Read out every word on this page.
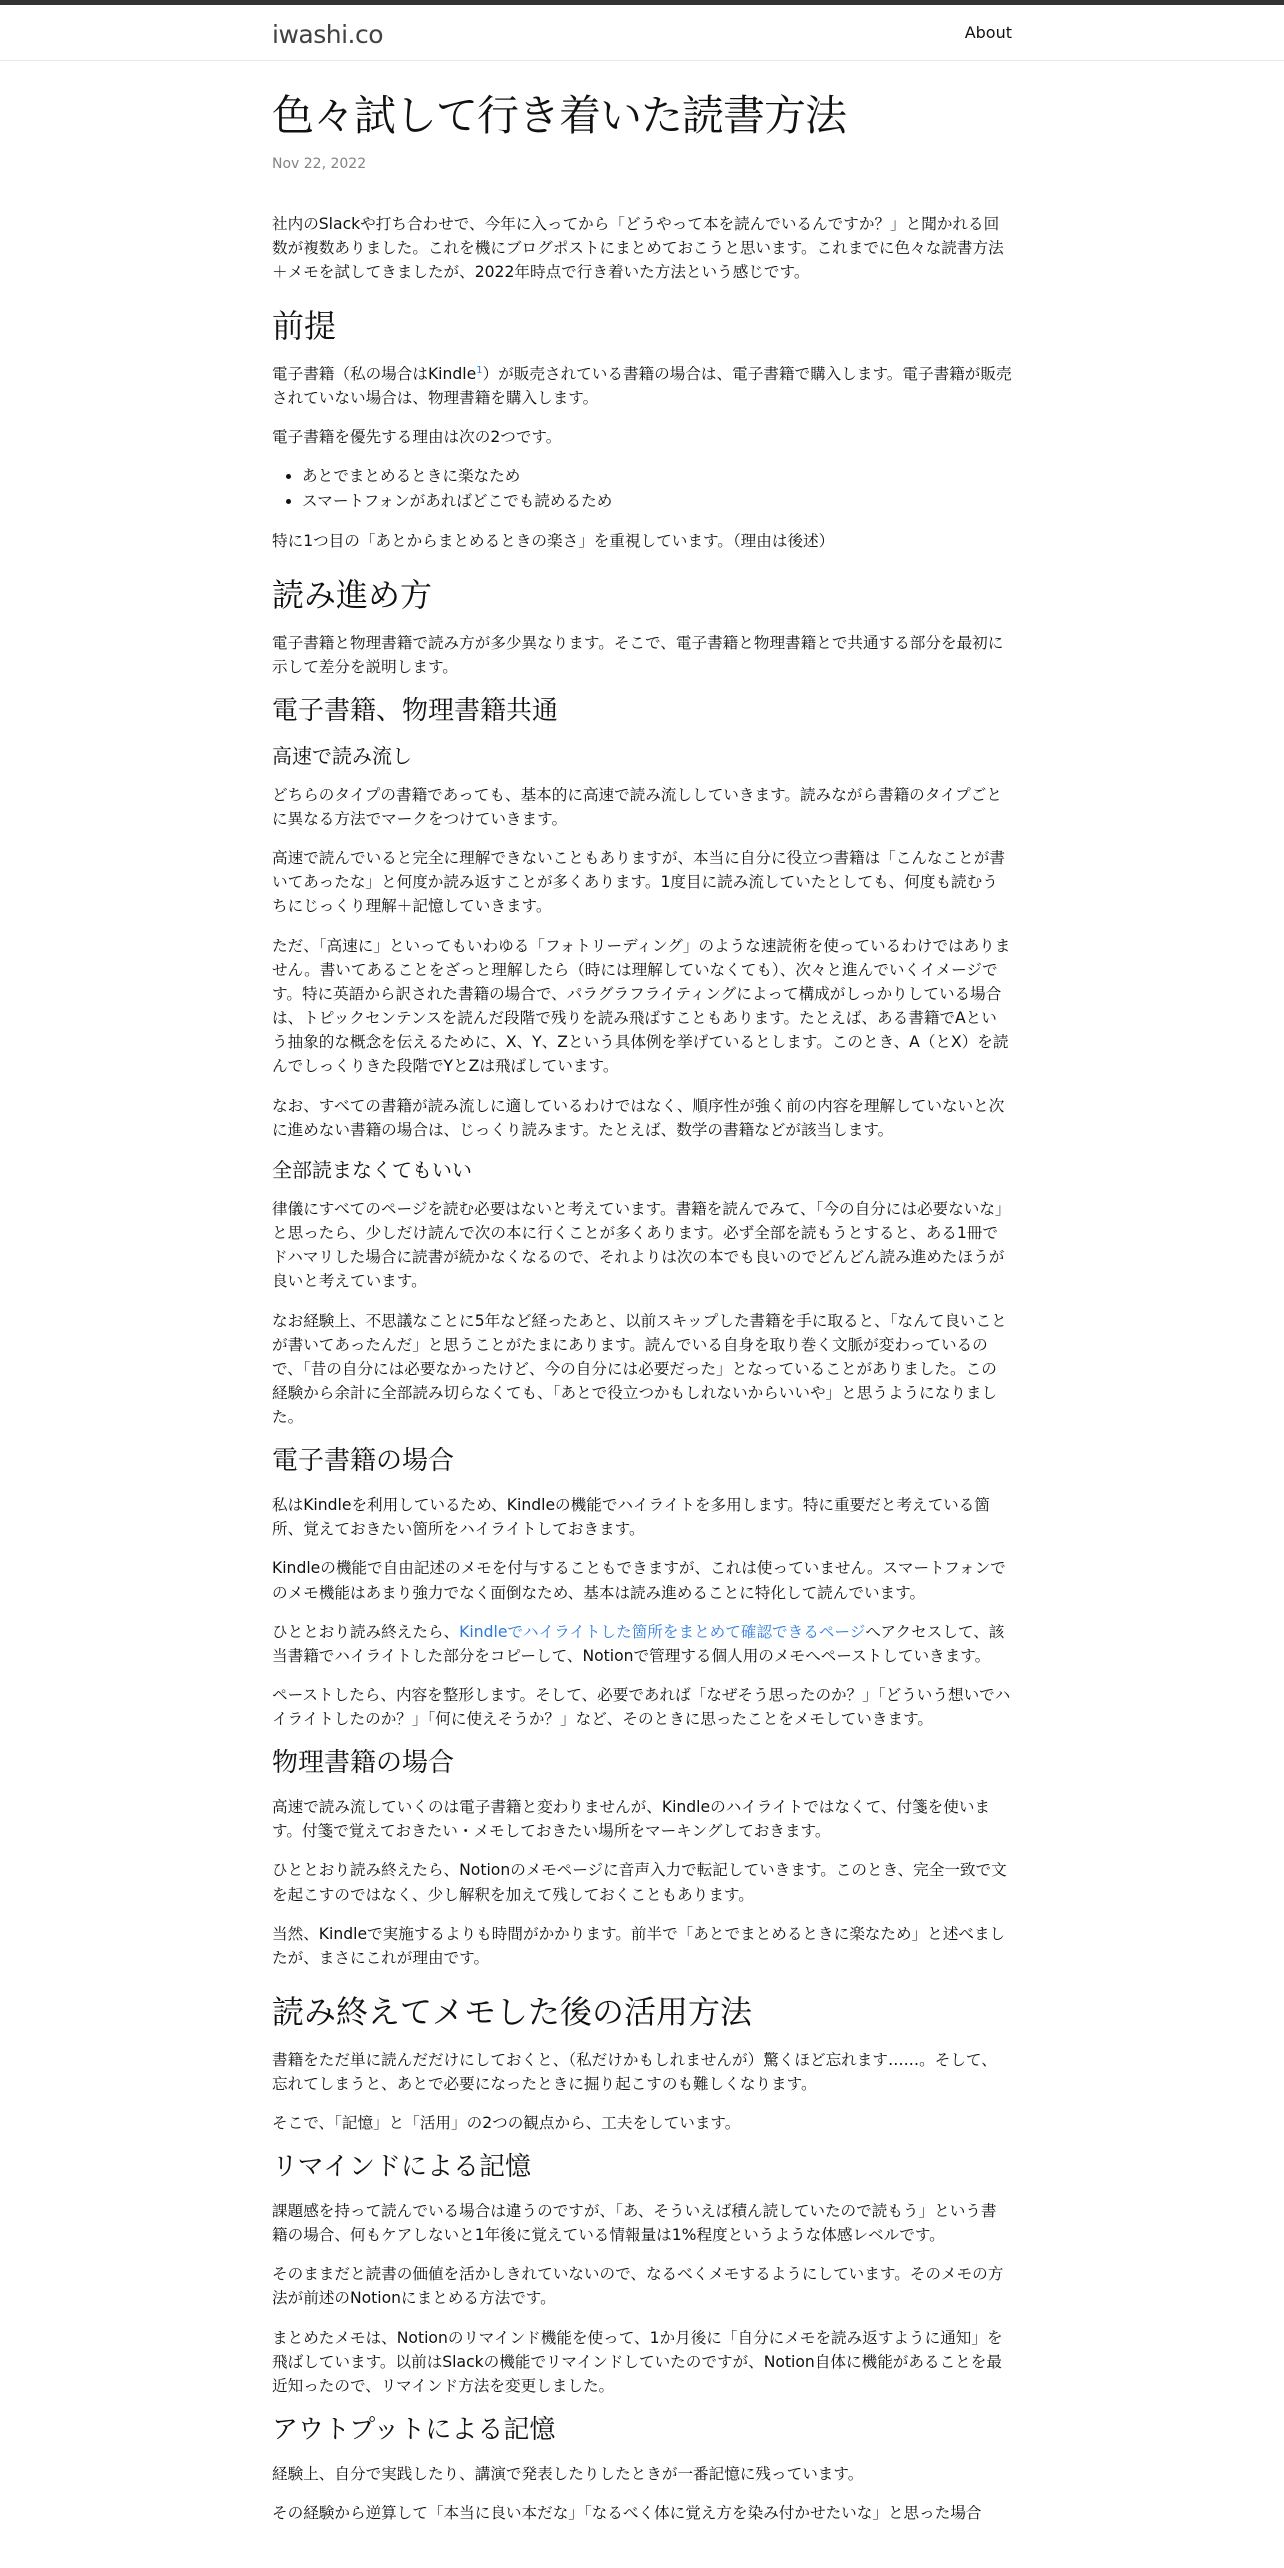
iwashi.co	About
色々試して行き着いた読書方法
Nov 22, 2022

社内のSlackや打ち合わせで、今年に入ってから「どうやって本を読んでいるんですか？」と聞かれる回数が複数ありました。これを機にブログポストにまとめておこうと思います。これまでに色々な読書方法＋メモを試してきましたが、2022年時点で行き着いた方法という感じです。

前提

電子書籍（私の場合はKindle$^1$）が販売されている書籍の場合は、電子書籍で購入します。電子書籍が販売されていない場合は、物理書籍を購入します。

電子書籍を優先する理由は次の2つです。

• あとでまとめるときに楽なため
• スマートフォンがあればどこでも読めるため

特に1つ目の「あとからまとめるときの楽さ」を重視しています。（理由は後述）

読み進め方

電子書籍と物理書籍で読み方が多少異なります。そこで、電子書籍と物理書籍とで共通する部分を最初に示して差分を説明します。

電子書籍、物理書籍共通
高速で読み流し

どちらのタイプの書籍であっても、基本的に高速で読み流ししていきます。読みながら書籍のタイプごとに異なる方法でマークをつけていきます。

高速で読んでいると完全に理解できないこともありますが、本当に自分に役立つ書籍は「こんなことが書いてあったな」と何度か読み返すことが多くあります。1度目に読み流していたとしても、何度も読むうちにじっくり理解＋記憶していきます。

ただ、「高速に」といってもいわゆる「フォトリーディング」のような速読術を使っているわけではありません。書いてあることをざっと理解したら（時には理解していなくても）、次々と進んでいくイメージです。特に英語から訳された書籍の場合で、パラグラフライティングによって構成がしっかりしている場合は、トピックセンテンスを読んだ段階で残りを読み飛ばすこともあります。たとえば、ある書籍でAという抽象的な概念を伝えるために、X、Y、Zという具体例を挙げているとします。このとき、A（とX）を読んでしっくりきた段階でYとZは飛ばしています。

なお、すべての書籍が読み流しに適しているわけではなく、順序性が強く前の内容を理解していないと次に進めない書籍の場合は、じっくり読みます。たとえば、数学の書籍などが該当します。

全部読まなくてもいい

律儀にすべてのページを読む必要はないと考えています。書籍を読んでみて、「今の自分には必要ないな」と思ったら、少しだけ読んで次の本に行くことが多くあります。必ず全部を読もうとすると、ある1冊でドハマリした場合に読書が続かなくなるので、それよりは次の本でも良いのでどんどん読み進めたほうが良いと考えています。

なお経験上、不思議なことに5年など経ったあと、以前スキップした書籍を手に取ると、「なんて良いことが書いてあったんだ」と思うことがたまにあります。読んでいる自身を取り巻く文脈が変わっているので、「昔の自分には必要なかったけど、今の自分には必要だった」となっていることがありました。この経験から余計に全部読み切らなくても、「あとで役立つかもしれないからいいや」と思うようになりました。

電子書籍の場合

私はKindleを利用しているため、Kindleの機能でハイライトを多用します。特に重要だと考えている箇所、覚えておきたい箇所をハイライトしておきます。

Kindleの機能で自由記述のメモを付与することもできますが、これは使っていません。スマートフォンでのメモ機能はあまり強力でなく面倒なため、基本は読み進めることに特化して読んでいます。

ひととおり読み終えたら、Kindleでハイライトした箇所をまとめて確認できるページへアクセスして、該当書籍でハイライトした部分をコピーして、Notionで管理する個人用のメモへペーストしていきます。

ペーストしたら、内容を整形します。そして、必要であれば「なぜそう思ったのか？」「どういう想いでハイライトしたのか？」「何に使えそうか？」など、そのときに思ったことをメモしていきます。

物理書籍の場合

高速で読み流していくのは電子書籍と変わりませんが、Kindleのハイライトではなくて、付箋を使います。付箋で覚えておきたい・メモしておきたい場所をマーキングしておきます。

ひととおり読み終えたら、Notionのメモページに音声入力で転記していきます。このとき、完全一致で文を起こすのではなく、少し解釈を加えて残しておくこともあります。

当然、Kindleで実施するよりも時間がかかります。前半で「あとでまとめるときに楽なため」と述べましたが、まさにこれが理由です。

読み終えてメモした後の活用方法

書籍をただ単に読んだだけにしておくと、（私だけかもしれませんが）驚くほど忘れます……。そして、忘れてしまうと、あとで必要になったときに掘り起こすのも難しくなります。

そこで、「記憶」と「活用」の2つの観点から、工夫をしています。

リマインドによる記憶

課題感を持って読んでいる場合は違うのですが、「あ、そういえば積ん読していたので読もう」という書籍の場合、何もケアしないと1年後に覚えている情報量は1%程度というような体感レベルです。

そのままだと読書の価値を活かしきれていないので、なるべくメモするようにしています。そのメモの方法が前述のNotionにまとめる方法です。

まとめたメモは、Notionのリマインド機能を使って、1か月後に「自分にメモを読み返すように通知」を飛ばしています。以前はSlackの機能でリマインドしていたのですが、Notion自体に機能があることを最近知ったので、リマインド方法を変更しました。

アウトプットによる記憶

経験上、自分で実践したり、講演で発表したりしたときが一番記憶に残っています。

その経験から逆算して「本当に良い本だな」「なるべく体に覚え方を染み付かせたいな」と思った場合
